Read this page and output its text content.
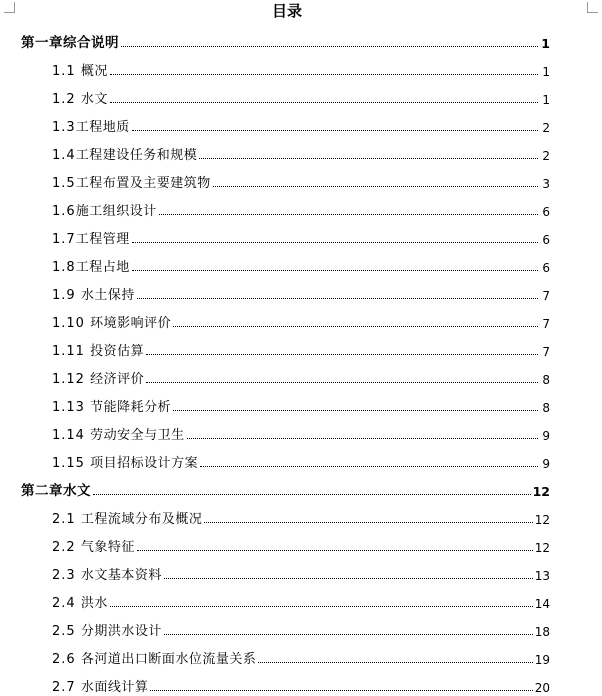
目录
第一章综合说明	1
1.1 概况	1
1.2 水文	1
1.3 工程地质	2
1.4 工程建设任务和规模	2
1.5 工程布置及主要建筑物	3
1.6 施工组织设计	6
1.7 工程管理	6
1.8 工程占地	6
1.9 水土保持	7
1.10 环境影响评价	7
1.11 投资估算	7
1.12 经济评价	8
1.13 节能降耗分析	8
1.14 劳动安全与卫生	9
1.15 项目招标设计方案	9
第二章水文	12
2.1 工程流域分布及概况	12
2.2 气象特征	12
2.3 水文基本资料	13
2.4 洪水	14
2.5 分期洪水设计	18
2.6 各河道出口断面水位流量关系	19
2.7 水面线计算	20
